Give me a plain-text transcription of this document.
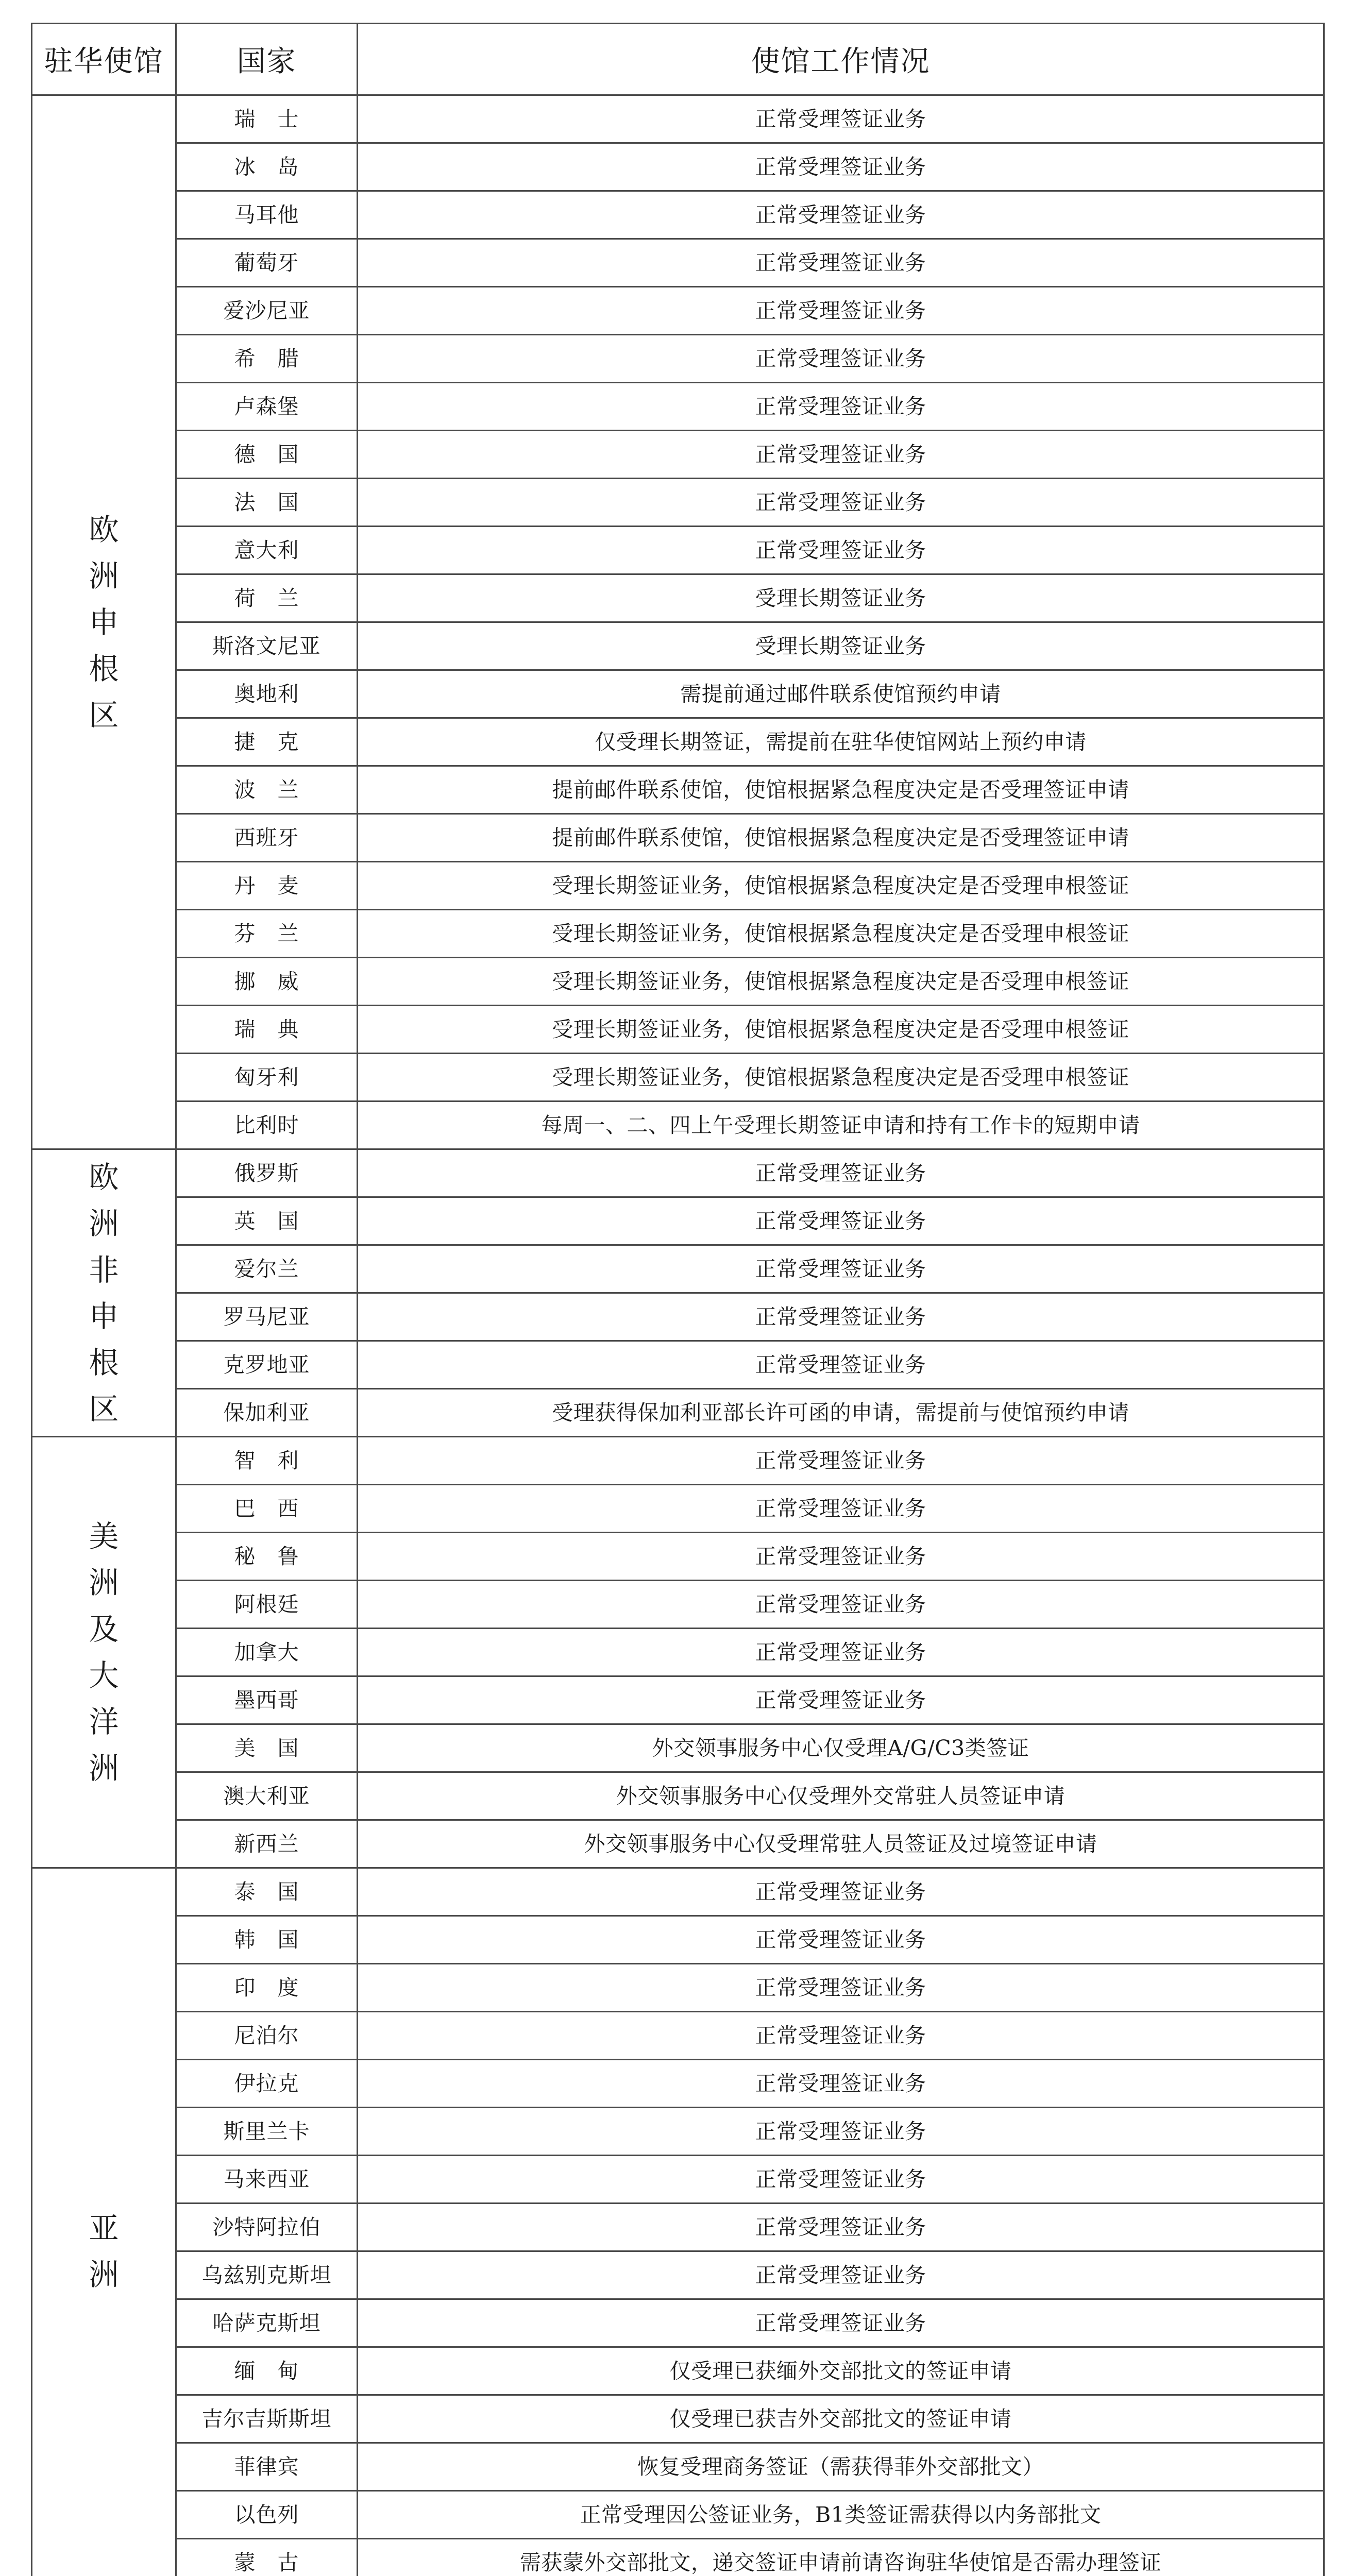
驻华使馆	国家	使馆工作情况
欧洲申根区	瑞　士	正常受理签证业务
	冰　岛	正常受理签证业务
	马耳他	正常受理签证业务
	葡萄牙	正常受理签证业务
	爱沙尼亚	正常受理签证业务
	希　腊	正常受理签证业务
	卢森堡	正常受理签证业务
	德　国	正常受理签证业务
	法　国	正常受理签证业务
	意大利	正常受理签证业务
	荷　兰	受理长期签证业务
	斯洛文尼亚	受理长期签证业务
	奥地利	需提前通过邮件联系使馆预约申请
	捷　克	仅受理长期签证，需提前在驻华使馆网站上预约申请
	波　兰	提前邮件联系使馆，使馆根据紧急程度决定是否受理签证申请
	西班牙	提前邮件联系使馆，使馆根据紧急程度决定是否受理签证申请
	丹　麦	受理长期签证业务，使馆根据紧急程度决定是否受理申根签证
	芬　兰	受理长期签证业务，使馆根据紧急程度决定是否受理申根签证
	挪　威	受理长期签证业务，使馆根据紧急程度决定是否受理申根签证
	瑞　典	受理长期签证业务，使馆根据紧急程度决定是否受理申根签证
	匈牙利	受理长期签证业务，使馆根据紧急程度决定是否受理申根签证
	比利时	每周一、二、四上午受理长期签证申请和持有工作卡的短期申请
欧洲非申根区	俄罗斯	正常受理签证业务
	英　国	正常受理签证业务
	爱尔兰	正常受理签证业务
	罗马尼亚	正常受理签证业务
	克罗地亚	正常受理签证业务
	保加利亚	受理获得保加利亚部长许可函的申请，需提前与使馆预约申请
美洲及大洋洲	智　利	正常受理签证业务
	巴　西	正常受理签证业务
	秘　鲁	正常受理签证业务
	阿根廷	正常受理签证业务
	加拿大	正常受理签证业务
	墨西哥	正常受理签证业务
	美　国	外交领事服务中心仅受理A/G/C3类签证
	澳大利亚	外交领事服务中心仅受理外交常驻人员签证申请
	新西兰	外交领事服务中心仅受理常驻人员签证及过境签证申请
亚洲	泰　国	正常受理签证业务
	韩　国	正常受理签证业务
	印　度	正常受理签证业务
	尼泊尔	正常受理签证业务
	伊拉克	正常受理签证业务
	斯里兰卡	正常受理签证业务
	马来西亚	正常受理签证业务
	沙特阿拉伯	正常受理签证业务
	乌兹别克斯坦	正常受理签证业务
	哈萨克斯坦	正常受理签证业务
	缅　甸	仅受理已获缅外交部批文的签证申请
	吉尔吉斯斯坦	仅受理已获吉外交部批文的签证申请
	菲律宾	恢复受理商务签证（需获得菲外交部批文）
	以色列	正常受理因公签证业务，B1类签证需获得以内务部批文
	蒙　古	需获蒙外交部批文，递交签证申请前请咨询驻华使馆是否需办理签证
